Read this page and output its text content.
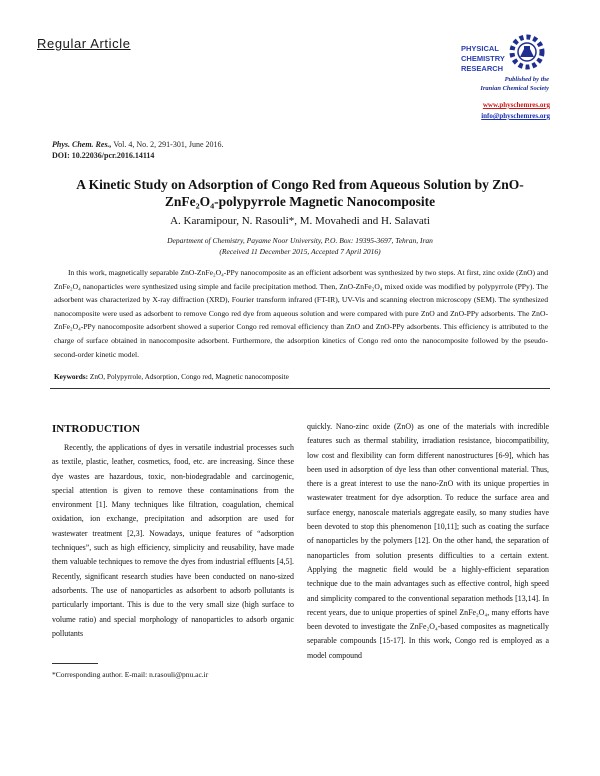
Regular Article	PHYSICAL
CHEMISTRY
RESEARCH
Published by the
Iranian Chemical Society
www.physchemres.org
info@physchemres.org
Phys. Chem. Res., Vol. 4, No. 2, 291-301, June 2016.
DOI: 10.22036/pcr.2016.14114
A Kinetic Study on Adsorption of Congo Red from Aqueous Solution by ZnO-
ZnFe₂O₄-polypyrrole Magnetic Nanocomposite
A. Karamipour, N. Rasouli*, M. Movahedi and H. Salavati
Department of Chemistry, Payame Noor University, P.O. Box: 19395-3697, Tehran, Iran
(Received 11 December 2015, Accepted 7 April 2016)
In this work, magnetically separable ZnO-ZnFe₂O₄-PPy nanocomposite as an efficient adsorbent was synthesized by two steps. At first, zinc oxide (ZnO) and ZnFe₂O₄ nanoparticles were synthesized using simple and facile precipitation method. Then, ZnO-ZnFe₂O₄ mixed oxide was modified by polypyrrole (PPy). The adsorbent was characterized by X-ray diffraction (XRD), Fourier transform infrared (FT-IR), UV-Vis and scanning electron microscopy (SEM). The synthesized nanocomposite were used as adsorbent to remove Congo red dye from aqueous solution and were compared with pure ZnO and ZnO-PPy adsorbents. The ZnO-ZnFe₂O₄-PPy nanocomposite adsorbent showed a superior Congo red removal efficiency than ZnO and ZnO-PPy adsorbents. This efficiency is attributed to the charge of surface obtained in nanocomposite adsorbent. Furthermore, the adsorption kinetics of Congo red onto the nanocomposite followed by the pseudo-second-order kinetic model.
Keywords: ZnO, Polypyrrole, Adsorption, Congo red, Magnetic nanocomposite
INTRODUCTION

Recently, the applications of dyes in versatile industrial processes such as textile, plastic, leather, cosmetics, food, etc. are increasing. Since these dye wastes are hazardous, toxic, non-biodegradable and carcinogenic, special attention is given to remove these contaminations from the environment [1]. Many techniques like filtration, coagulation, chemical oxidation, ion exchange, precipitation and adsorption are used for wastewater treatment [2,3]. Nowadays, unique features of “adsorption techniques”, such as high efficiency, simplicity and reusability, have made them valuable techniques to remove the dyes from industrial effluents [4,5]. Recently, significant research studies have been conducted on nano-sized adsorbents. The use of nanoparticles as adsorbent to adsorb pollutants is particularly important. This is due to the very small size (high surface to volume ratio) and special morphology of nanoparticles to adsorb organic pollutants

quickly. Nano-zinc oxide (ZnO) as one of the materials with incredible features such as thermal stability, irradiation resistance, biocompatibility, low cost and flexibility can form different nanostructures [6-9], which has been used in adsorption of dye less than other conventional material. Thus, there is a great interest to use the nano-ZnO with its unique properties in wastewater treatment for dye adsorption. To reduce the surface area and surface energy, nanoscale materials aggregate easily, so many studies have been devoted to stop this phenomenon [10,11]; such as coating the surface of nanoparticles by the polymers [12]. On the other hand, the separation of nanoparticles from solution presents difficulties to a certain extent. Applying the magnetic field would be a highly-efficient separation technique due to the main advantages such as effective control, high speed and simplicity compared to the conventional separation methods [13,14]. In recent years, due to unique properties of spinel ZnFe₂O₄, many efforts have been devoted to investigate the ZnFe₂O₄-based composites as magnetically separable compounds [15-17]. In this work, Congo red is employed as a model compound

*Corresponding author. E-mail: n.rasouli@pnu.ac.ir
